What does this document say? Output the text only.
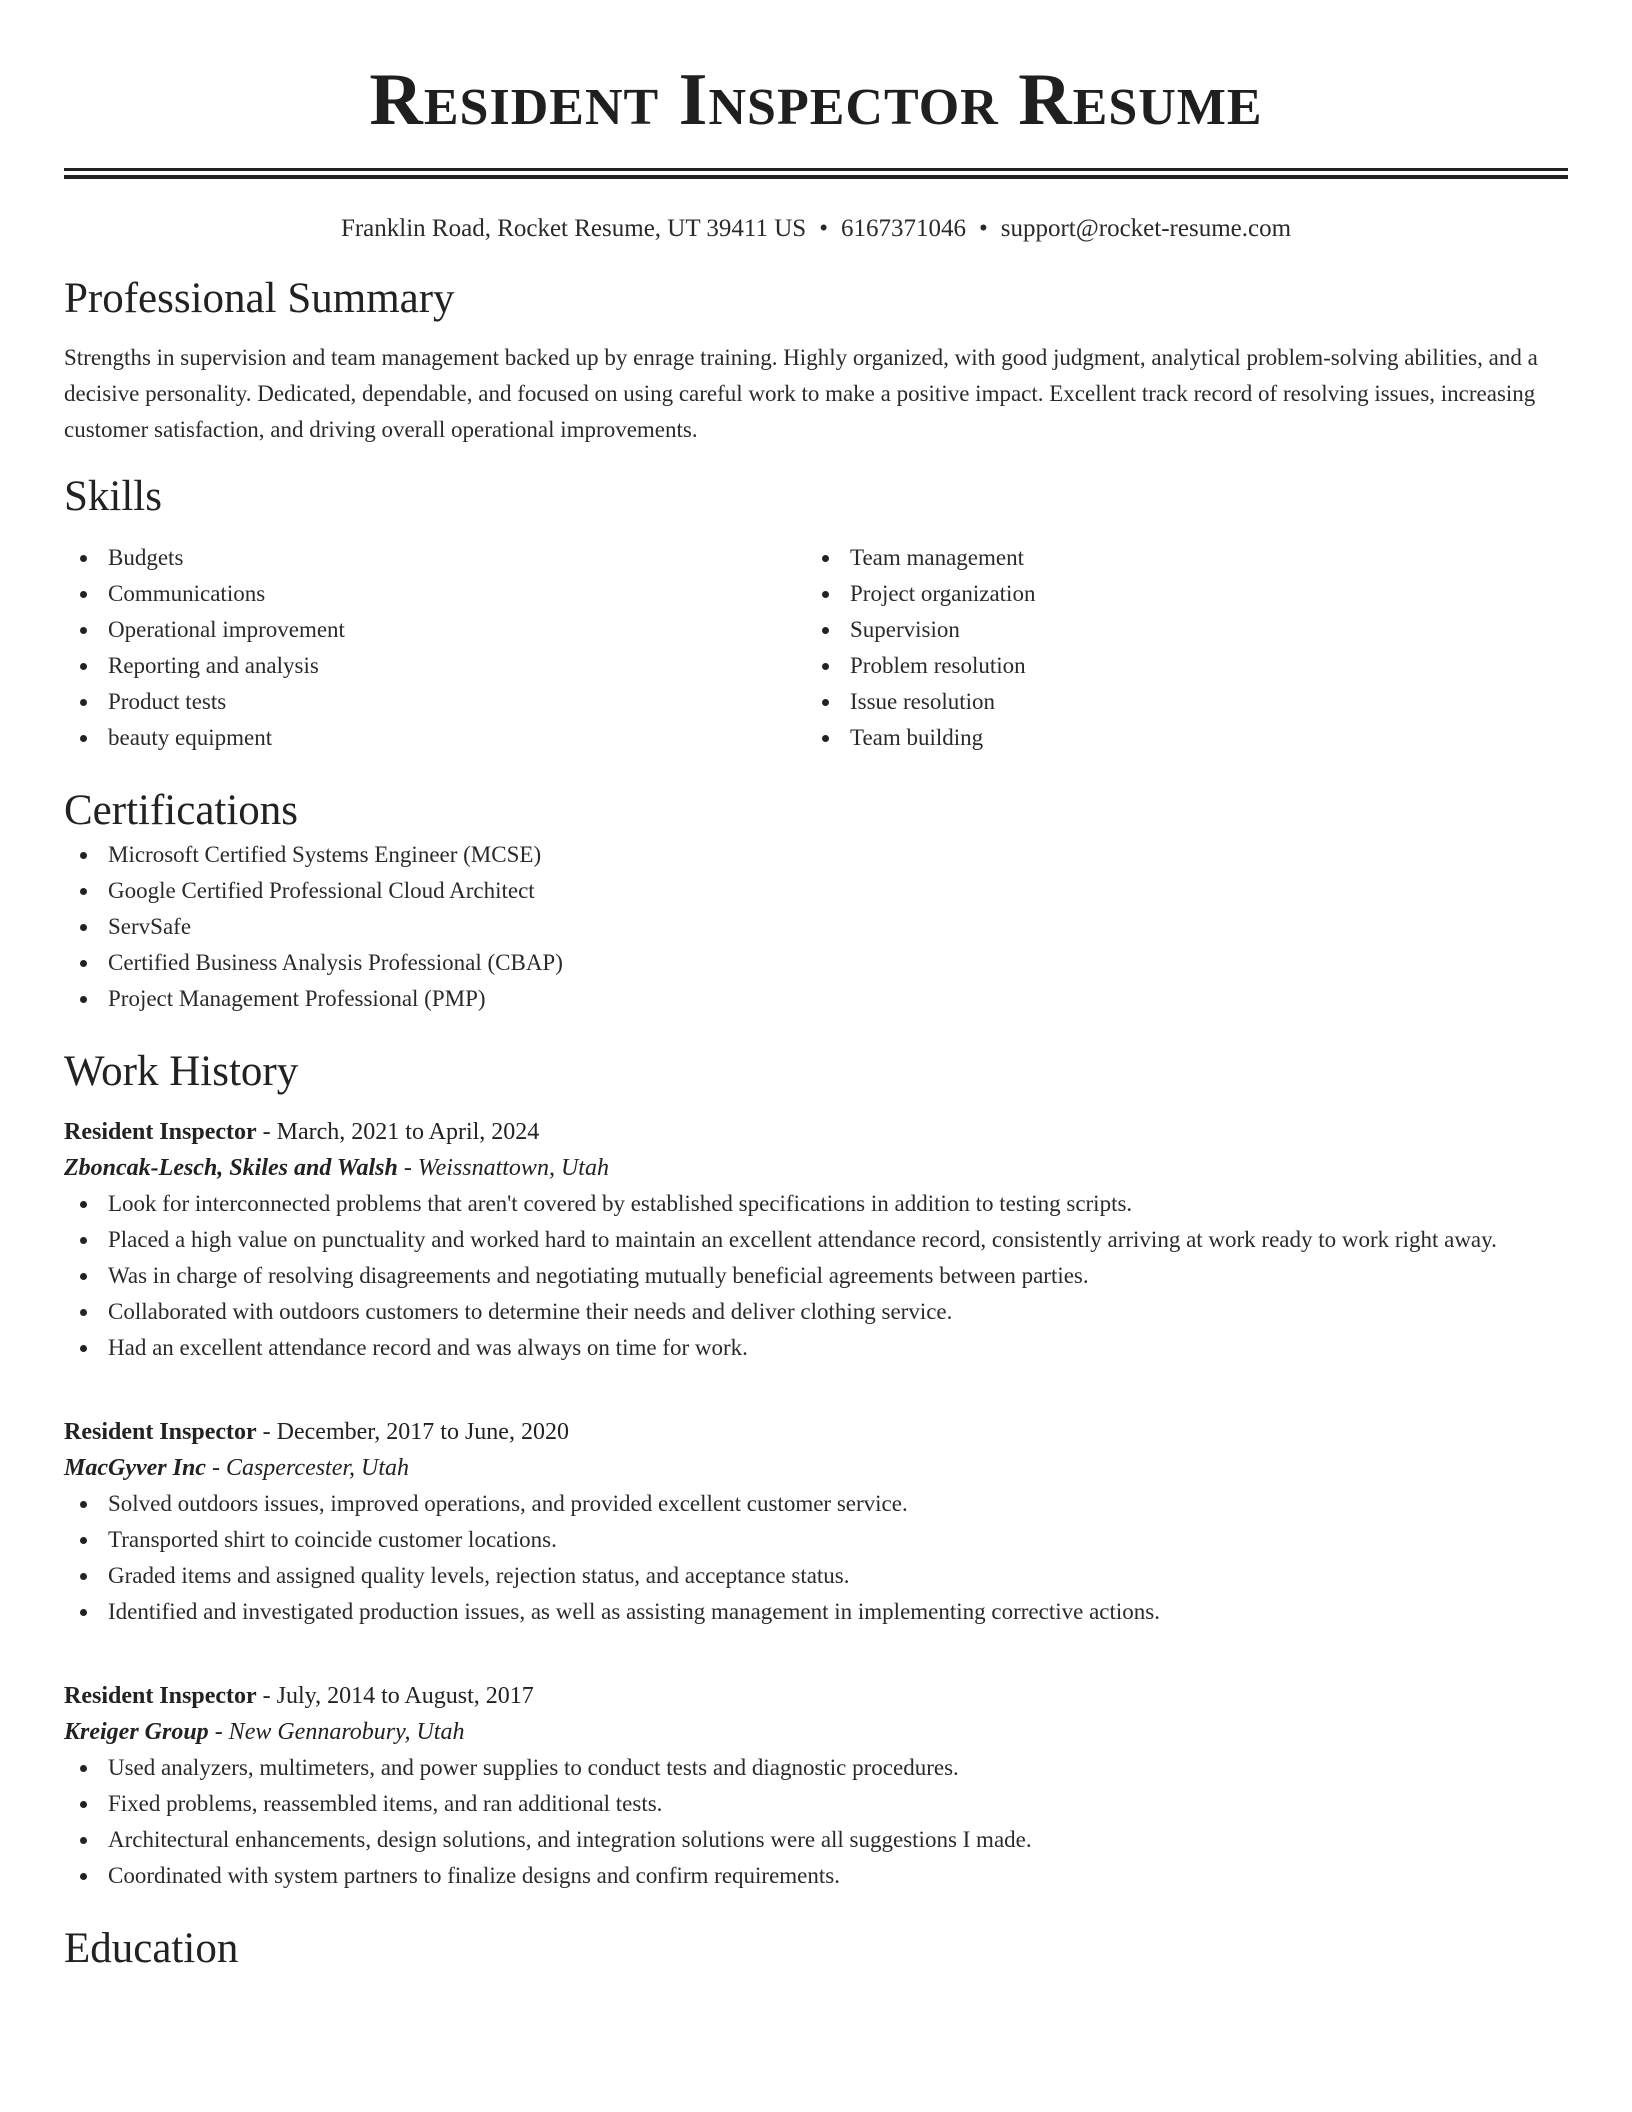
Resident Inspector Resume
Franklin Road, Rocket Resume, UT 39411 US • 6167371046 • support@rocket-resume.com
Professional Summary

Strengths in supervision and team management backed up by enrage training. Highly organized, with good judgment, analytical problem-solving abilities, and a decisive personality. Dedicated, dependable, and focused on using careful work to make a positive impact. Excellent track record of resolving issues, increasing customer satisfaction, and driving overall operational improvements.

Skills
Budgets
Communications
Operational improvement
Reporting and analysis
Product tests
beauty equipment
Team management
Project organization
Supervision
Problem resolution
Issue resolution
Team building
Certifications
Microsoft Certified Systems Engineer (MCSE)
Google Certified Professional Cloud Architect
ServSafe
Certified Business Analysis Professional (CBAP)
Project Management Professional (PMP)
Work History
Resident Inspector - March, 2021 to April, 2024
Zboncak-Lesch, Skiles and Walsh - Weissnattown, Utah
Look for interconnected problems that aren't covered by established specifications in addition to testing scripts.
Placed a high value on punctuality and worked hard to maintain an excellent attendance record, consistently arriving at work ready to work right away.
Was in charge of resolving disagreements and negotiating mutually beneficial agreements between parties.
Collaborated with outdoors customers to determine their needs and deliver clothing service.
Had an excellent attendance record and was always on time for work.
Resident Inspector - December, 2017 to June, 2020
MacGyver Inc - Caspercester, Utah
Solved outdoors issues, improved operations, and provided excellent customer service.
Transported shirt to coincide customer locations.
Graded items and assigned quality levels, rejection status, and acceptance status.
Identified and investigated production issues, as well as assisting management in implementing corrective actions.
Resident Inspector - July, 2014 to August, 2017
Kreiger Group - New Gennarobury, Utah
Used analyzers, multimeters, and power supplies to conduct tests and diagnostic procedures.
Fixed problems, reassembled items, and ran additional tests.
Architectural enhancements, design solutions, and integration solutions were all suggestions I made.
Coordinated with system partners to finalize designs and confirm requirements.
Education
